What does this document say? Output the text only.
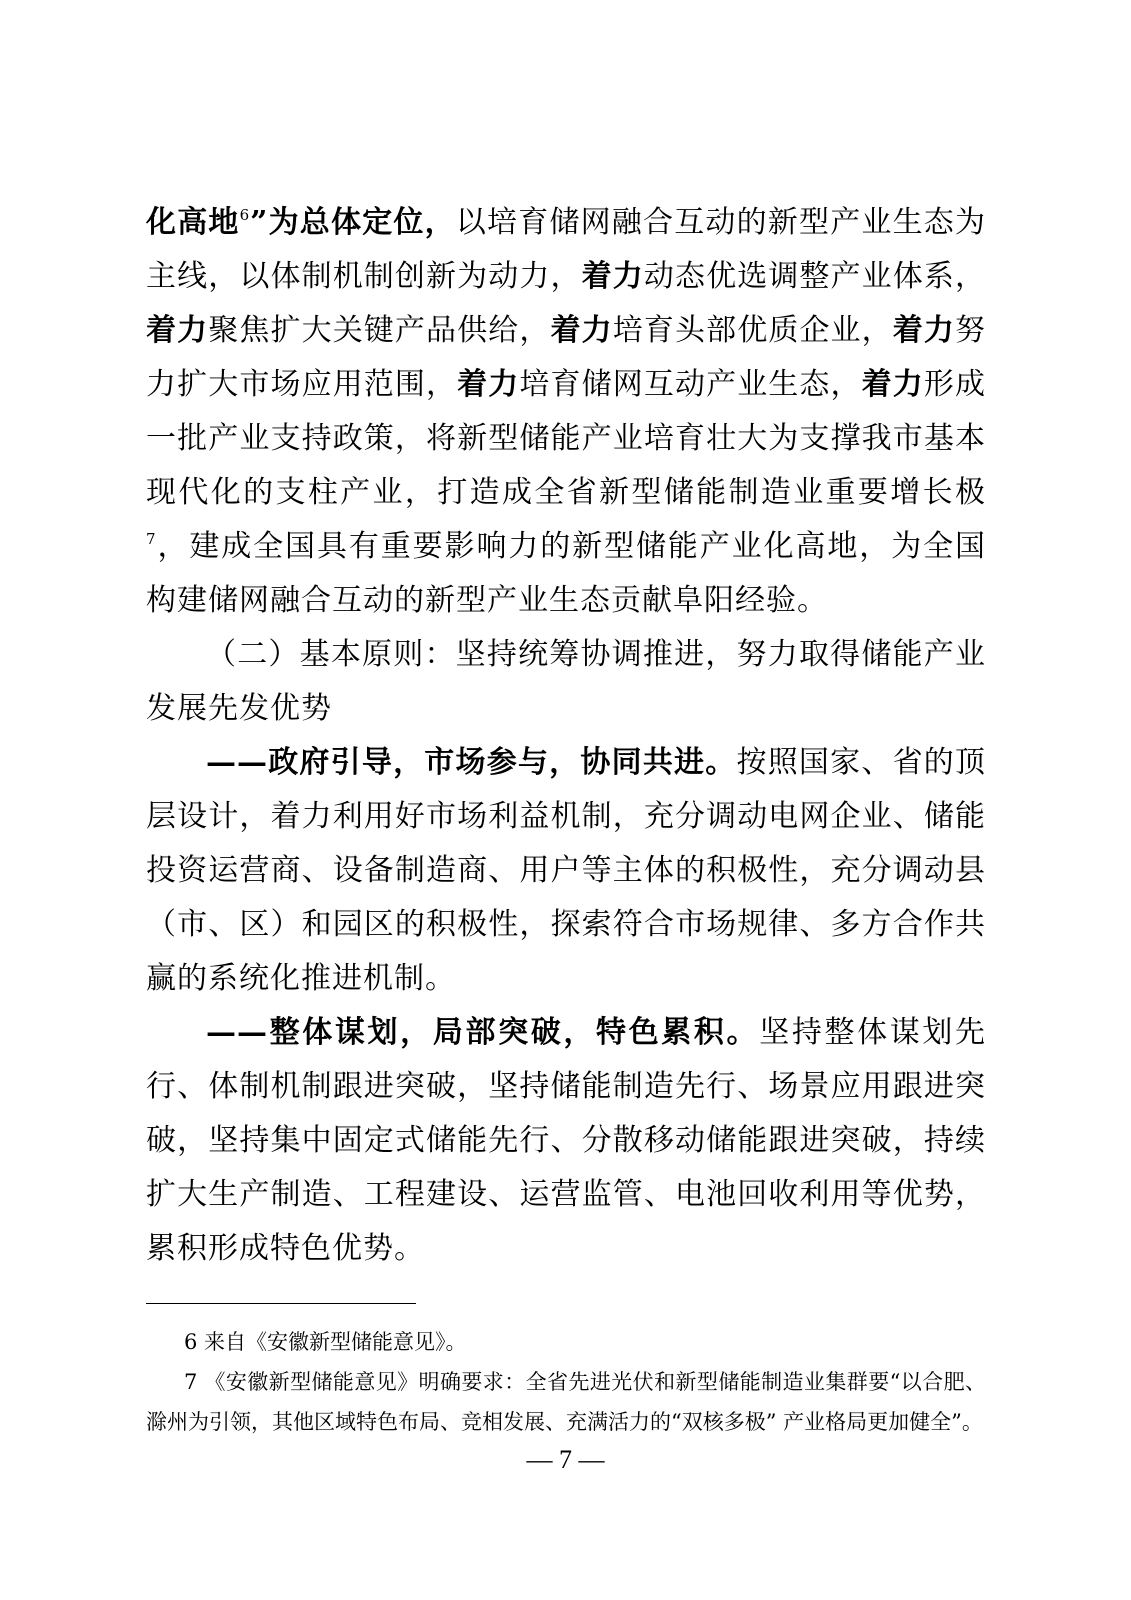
化高地$^6$”为总体定位，以培育储网融合互动的新型产业生态为主线，以体制机制创新为动力，着力动态优选调整产业体系，着力聚焦扩大关键产品供给，着力培育头部优质企业，着力努力扩大市场应用范围，着力培育储网互动产业生态，着力形成一批产业支持政策，将新型储能产业培育壮大为支撑我市基本现代化的支柱产业，打造成全省新型储能制造业重要增长极$^7$，建成全国具有重要影响力的新型储能产业化高地，为全国构建储网融合互动的新型产业生态贡献阜阳经验。

（二）基本原则：坚持统筹协调推进，努力取得储能产业发展先发优势

——政府引导，市场参与，协同共进。按照国家、省的顶层设计，着力利用好市场利益机制，充分调动电网企业、储能投资运营商、设备制造商、用户等主体的积极性，充分调动县（市、区）和园区的积极性，探索符合市场规律、多方合作共赢的系统化推进机制。

——整体谋划，局部突破，特色累积。坚持整体谋划先行、体制机制跟进突破，坚持储能制造先行、场景应用跟进突破，坚持集中固定式储能先行、分散移动储能跟进突破，持续扩大生产制造、工程建设、运营监管、电池回收利用等优势，累积形成特色优势。

6 来自《安徽新型储能意见》。

7 《安徽新型储能意见》明确要求：全省先进光伏和新型储能制造业集群要“以合肥、滁州为引领，其他区域特色布局、竞相发展、充满活力的“双核多极” 产业格局更加健全”。

— 7 —
